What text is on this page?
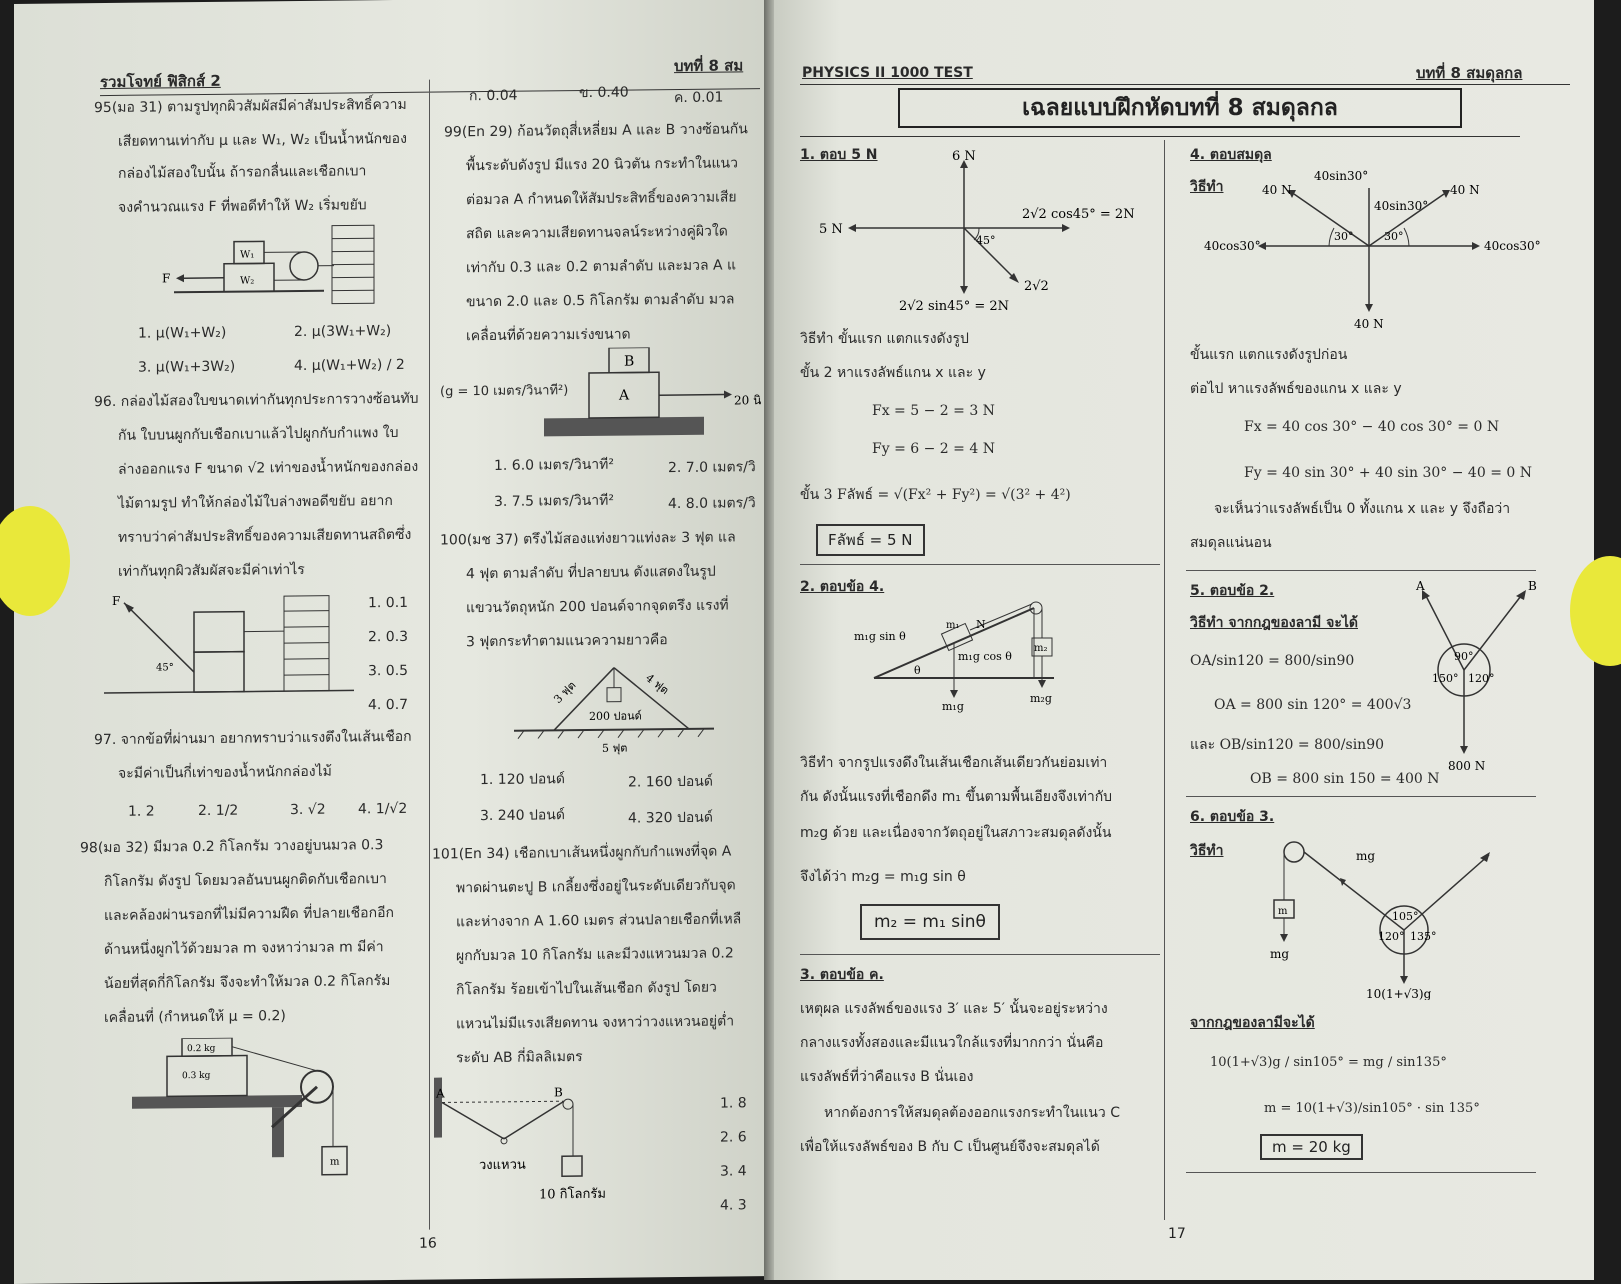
รวมโจทย์ ฟิสิกส์ 2
บทที่ 8 สม
95(มอ 31) ตามรูปทุกผิวสัมผัสมีค่าสัมประสิทธิ์ความ
เสียดทานเท่ากับ μ และ W₁, W₂ เป็นน้ำหนักของ
กล่องไม้สองใบนั้น ถ้ารอกลื่นและเชือกเบา
จงคำนวณแรง F ที่พอดีทำให้ W₂ เริ่มขยับ
F
W₁
W₂
1. μ(W₁+W₂)	2. μ(3W₁+W₂)
3. μ(W₁+3W₂)	4. μ(W₁+W₂) / 2
96. กล่องไม้สองใบขนาดเท่ากันทุกประการวางซ้อนทับ
กัน ใบบนผูกกับเชือกเบาแล้วไปผูกกับกำแพง ใบ
ล่างออกแรง F ขนาด √2 เท่าของน้ำหนักของกล่อง
ไม้ตามรูป ทำให้กล่องไม้ใบล่างพอดีขยับ อยาก
ทราบว่าค่าสัมประสิทธิ์ของความเสียดทานสถิตซึ่ง
เท่ากันทุกผิวสัมผัสจะมีค่าเท่าไร
F
45°
1. 0.1
2. 0.3
3. 0.5
4. 0.7
97. จากข้อที่ผ่านมา อยากทราบว่าแรงตึงในเส้นเชือก
จะมีค่าเป็นกี่เท่าของน้ำหนักกล่องไม้
1. 2	2. 1/2	3. √2 4. 1/√2
98(มอ 32) มีมวล 0.2 กิโลกรัม วางอยู่บนมวล 0.3
กิโลกรัม ดังรูป โดยมวลอันบนผูกติดกับเชือกเบา
และคล้องผ่านรอกที่ไม่มีความฝืด ที่ปลายเชือกอีก
ด้านหนึ่งผูกไว้ด้วยมวล m จงหาว่ามวล m มีค่า
น้อยที่สุดกี่กิโลกรัม จึงจะทำให้มวล 0.2 กิโลกรัม
เคลื่อนที่ (กำหนดให้ μ = 0.2)
0.2 kg
0.3 kg
m
ก. 0.04	ข. 0.40	ค. 0.01
99(En 29) ก้อนวัตถุสี่เหลี่ยม A และ B วางซ้อนกัน
พื้นระดับดังรูป มีแรง 20 นิวตัน กระทำในแนว
ต่อมวล A กำหนดให้สัมประสิทธิ์ของความเสีย
สถิต และความเสียดทานจลน์ระหว่างคู่ผิวใด
เท่ากับ 0.3 และ 0.2 ตามลำดับ และมวล A แ
ขนาด 2.0 และ 0.5 กิโลกรัม ตามลำดับ มวล
เคลื่อนที่ด้วยความเร่งขนาด
(g = 10 เมตร/วินาที²)	A
B
20 นิ
1. 6.0 เมตร/วินาที²	2. 7.0 เมตร/วิ
3. 7.5 เมตร/วินาที²	4. 8.0 เมตร/วิ
100(มช 37) ตรึงไม้สองแท่งยาวแท่งละ 3 ฟุต แล
4 ฟุต ตามลำดับ ที่ปลายบน ดังแสดงในรูป
แขวนวัตถุหนัก 200 ปอนด์จากจุดตรึง แรงที่
3 ฟุตกระทำตามแนวความยาวคือ
3 ฟุต	4 ฟุต
200 ปอนด์
5 ฟุต
1. 120 ปอนด์	2. 160 ปอนด์
3. 240 ปอนด์	4. 320 ปอนด์
101(En 34) เชือกเบาเส้นหนึ่งผูกกับกำแพงที่จุด A
พาดผ่านตะปู B เกลี้ยงซึ่งอยู่ในระดับเดียวกับจุด
และห่างจาก A 1.60 เมตร ส่วนปลายเชือกที่เหลื
ผูกกับมวล 10 กิโลกรัม และมีวงแหวนมวล 0.2
กิโลกรัม ร้อยเข้าไปในเส้นเชือก ดังรูป โดยว
แหวนไม่มีแรงเสียดทาน จงหาว่าวงแหวนอยู่ต่ำ
ระดับ AB กี่มิลลิเมตร
A	B
วงแหวน
10 กิโลกรัม
1. 8
2. 6
3. 4
4. 3
16
PHYSICS II 1000 TEST	บทที่ 8 สมดุลกล
เฉลยแบบฝึกหัดบทที่ 8 สมดุลกล
1. ตอบ 5 N	6 N
5 N
2√2 cos45° = 2N
45°
2√2
2√2 sin45° = 2N
วิธีทำ ขั้นแรก แตกแรงดังรูป
ขั้น 2 หาแรงลัพธ์แกน x และ y
Fx = 5 − 2 = 3 N
Fy = 6 − 2 = 4 N
ขั้น 3 Fลัพธ์ = √(Fx² + Fy²) = √(3² + 4²)
Fลัพธ์ = 5 N
2. ตอบข้อ 4.
m₁g sin θ
m₁ N
m₁g cos θ
m₂
θ
m₁g
m₂g
วิธีทำ จากรูปแรงดึงในเส้นเชือกเส้นเดียวกันย่อมเท่า
กัน ดังนั้นแรงที่เชือกดึง m₁ ขึ้นตามพื้นเอียงจึงเท่ากับ
m₂g ด้วย และเนื่องจากวัตถุอยู่ในสภาวะสมดุลดังนั้น
จึงได้ว่า m₂g = m₁g sin θ
m₂ = m₁ sinθ
3. ตอบข้อ ค.
เหตุผล แรงลัพธ์ของแรง 3′ และ 5′ นั้นจะอยู่ระหว่าง
กลางแรงทั้งสองและมีแนวใกล้แรงที่มากกว่า นั่นคือ
แรงลัพธ์ที่ว่าคือแรง B นั่นเอง
หากต้องการให้สมดุลต้องออกแรงกระทำในแนว C
เพื่อให้แรงลัพธ์ของ B กับ C เป็นศูนย์จึงจะสมดุลได้
4. ตอบสมดุล
วิธีทำ	40 N	40 N
40sin30°
40sin30°
40cos30°	40cos30°
30°	30°
40 N
ขั้นแรก แตกแรงดังรูปก่อน
ต่อไป หาแรงลัพธ์ของแกน x และ y
Fx = 40 cos 30° − 40 cos 30° = 0 N
Fy = 40 sin 30° + 40 sin 30° − 40 = 0 N
จะเห็นว่าแรงลัพธ์เป็น 0 ทั้งแกน x และ y จึงถือว่า
สมดุลแน่นอน
5. ตอบข้อ 2.
วิธีทำ จากกฎของลามี จะได้
OA/sin120 = 800/sin90
OA = 800 sin 120° = 400√3
และ OB/sin120 = 800/sin90
OB = 800 sin 150 = 400 N
A	B
90°
150° 120°
800 N
6. ตอบข้อ 3.
วิธีทำ	mg
m
mg
105°
120° 135°
10(1+√3)g
จากกฎของลามีจะได้
10(1+√3)g / sin105° = mg / sin135°
m = 10(1+√3)/sin105° · sin 135°
m = 20 kg
17
